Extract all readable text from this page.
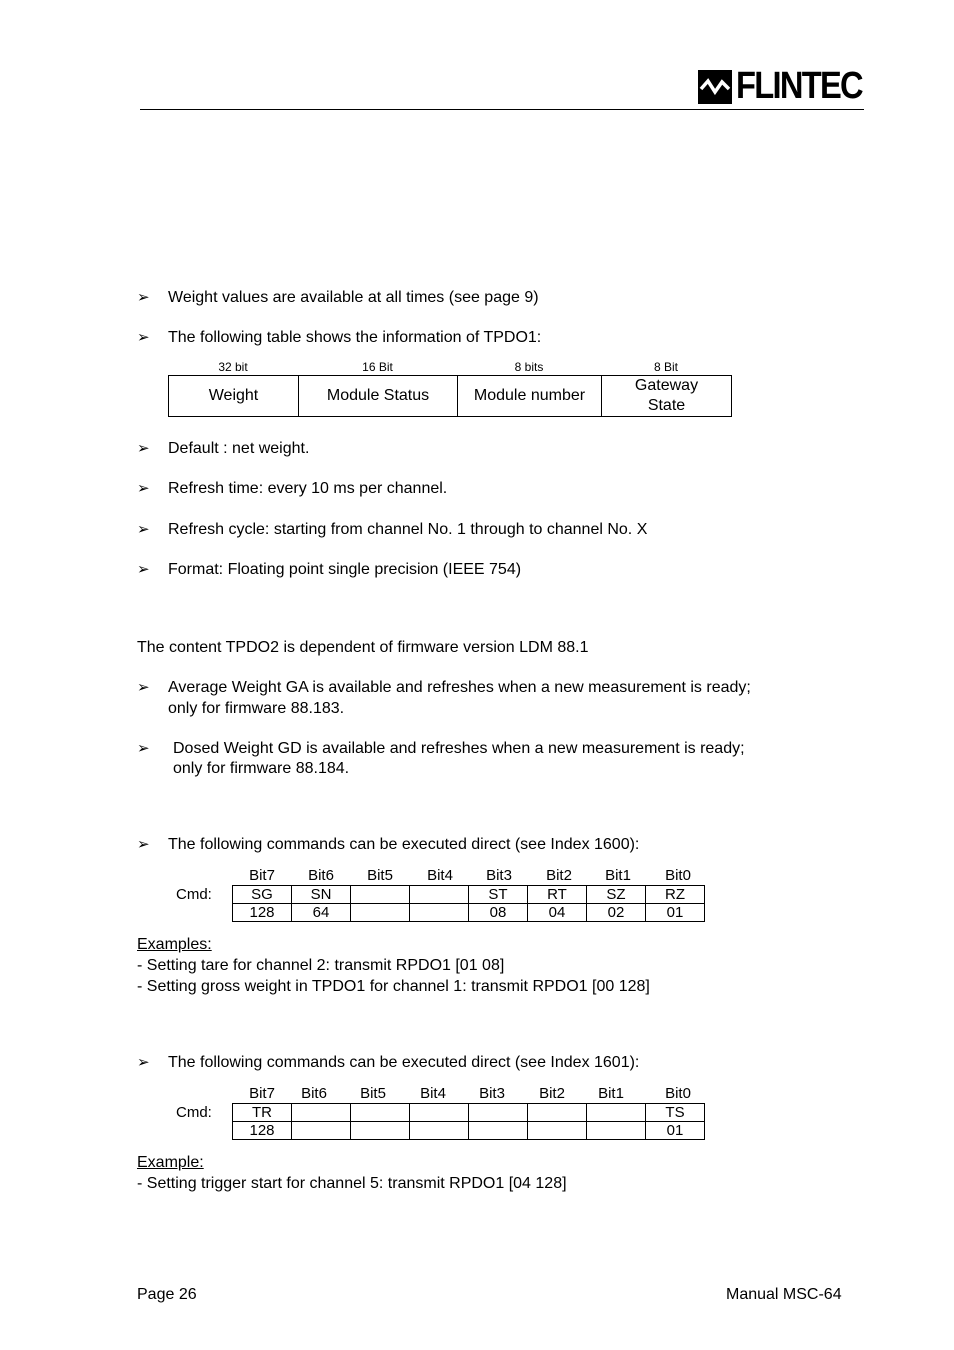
FLINTEC
➢ Weight values are available at all times (see page 9)
➢ The following table shows the information of TPDO1:
32 bit	16 Bit	8 bits	8 Bit
Weight	Module Status	Module number	Gateway
State
➢ Default : net weight.
➢ Refresh time: every 10 ms per channel.
➢ Refresh cycle: starting from channel No. 1 through to channel No. X
➢ Format: Floating point single precision (IEEE 754)
The content TPDO2 is dependent of firmware version LDM 88.1
➢ Average Weight GA is available and refreshes when a new measurement is ready;
only for firmware 88.183.
➢ Dosed Weight GD is available and refreshes when a new measurement is ready;
only for firmware 88.184.
➢ The following commands can be executed direct (see Index 1600):
Bit7	Bit6	Bit5	Bit4	Bit3	Bit2	Bit1	Bit0
Cmd:	SG	SN			ST	RT	SZ	RZ
128	64			08	04	02	01
Examples:
- Setting tare for channel 2: transmit RPDO1 [01 08]
- Setting gross weight in TPDO1 for channel 1: transmit RPDO1 [00 128]
➢ The following commands can be executed direct (see Index 1601):
Bit7	Bit6	Bit5	Bit4	Bit3	Bit2	Bit1	Bit0
Cmd:	TR							TS
128							01
Example:
- Setting trigger start for channel 5: transmit RPDO1 [04 128]
Page 26	Manual MSC-64
